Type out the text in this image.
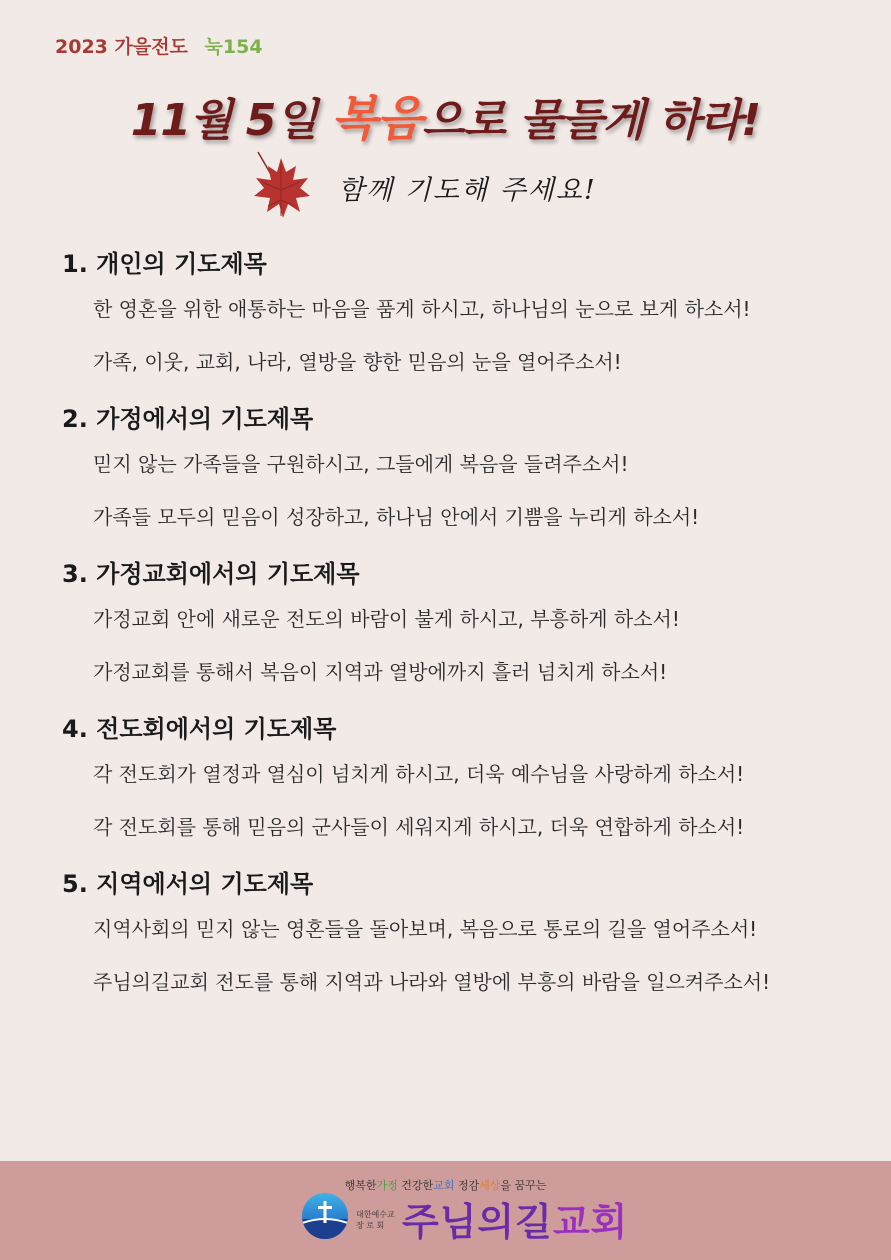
2023 가을전도 눅154
11월 5일 복음으로 물들게 하라!
함께 기도해 주세요!
1. 개인의 기도제목
한 영혼을 위한 애통하는 마음을 품게 하시고, 하나님의 눈으로 보게 하소서!
가족, 이웃, 교회, 나라, 열방을 향한 믿음의 눈을 열어주소서!
2. 가정에서의 기도제목
믿지 않는 가족들을 구원하시고, 그들에게 복음을 들려주소서!
가족들 모두의 믿음이 성장하고, 하나님 안에서 기쁨을 누리게 하소서!
3. 가정교회에서의 기도제목
가정교회 안에 새로운 전도의 바람이 불게 하시고, 부흥하게 하소서!
가정교회를 통해서 복음이 지역과 열방에까지 흘러 넘치게 하소서!
4. 전도회에서의 기도제목
각 전도회가 열정과 열심이 넘치게 하시고, 더욱 예수님을 사랑하게 하소서!
각 전도회를 통해 믿음의 군사들이 세워지게 하시고, 더욱 연합하게 하소서!
5. 지역에서의 기도제목
지역사회의 믿지 않는 영혼들을 돌아보며, 복음으로 통로의 길을 열어주소서!
주님의길교회 전도를 통해 지역과 나라와 열방에 부흥의 바람을 일으켜주소서!
행복한가정 건강한교회 정감세상을 꿈꾸는
대한예수교
장 로 회 주님의길교회
